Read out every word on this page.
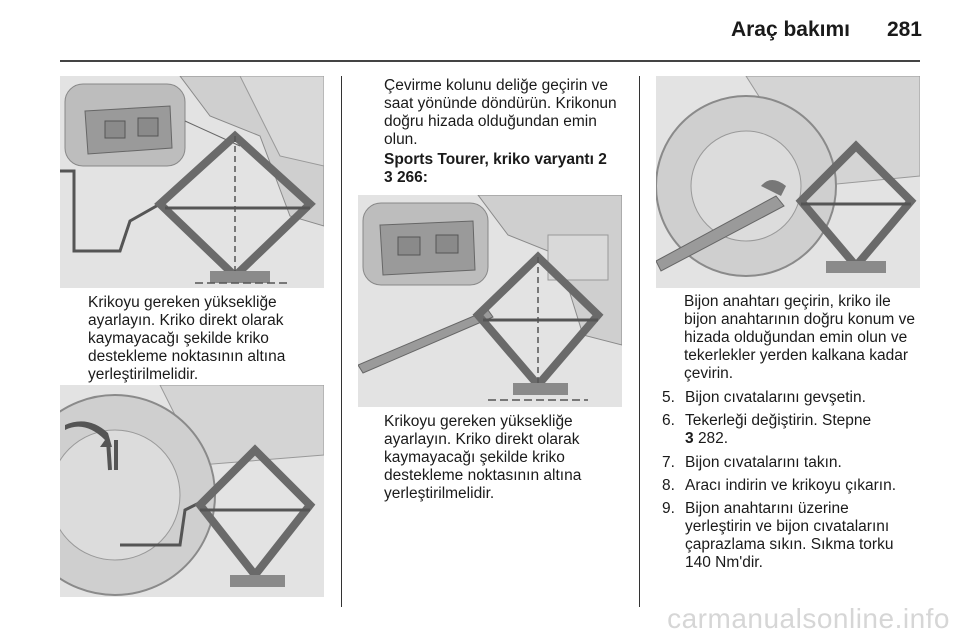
Araç bakımı	281

Krikoyu gereken yüksekliğe ayarlayın. Kriko direkt olarak kaymayacağı şekilde kriko destekleme noktasının altına yerleştirilmelidir.

Çevirme kolunu deliğe geçirin ve saat yönünde döndürün. Krikonun doğru hizada olduğundan emin olun.

Sports Tourer, kriko varyantı 2
3 266:

Krikoyu gereken yüksekliğe ayarlayın. Kriko direkt olarak kaymayacağı şekilde kriko destekleme noktasının altına yerleştirilmelidir.

Bijon anahtarı geçirin, kriko ile bijon anahtarının doğru konum ve hizada olduğundan emin olun ve tekerlekler yerden kalkana kadar çevirin.

5. Bijon cıvatalarını gevşetin.
6. Tekerleği değiştirin. Stepne
3 282.
7. Bijon cıvatalarını takın.
8. Aracı indirin ve krikoyu çıkarın.
9. Bijon anahtarını üzerine yerleştirin ve bijon cıvatalarını çaprazlama sıkın. Sıkma torku 140 Nm'dir.
carmanualsonline.info
